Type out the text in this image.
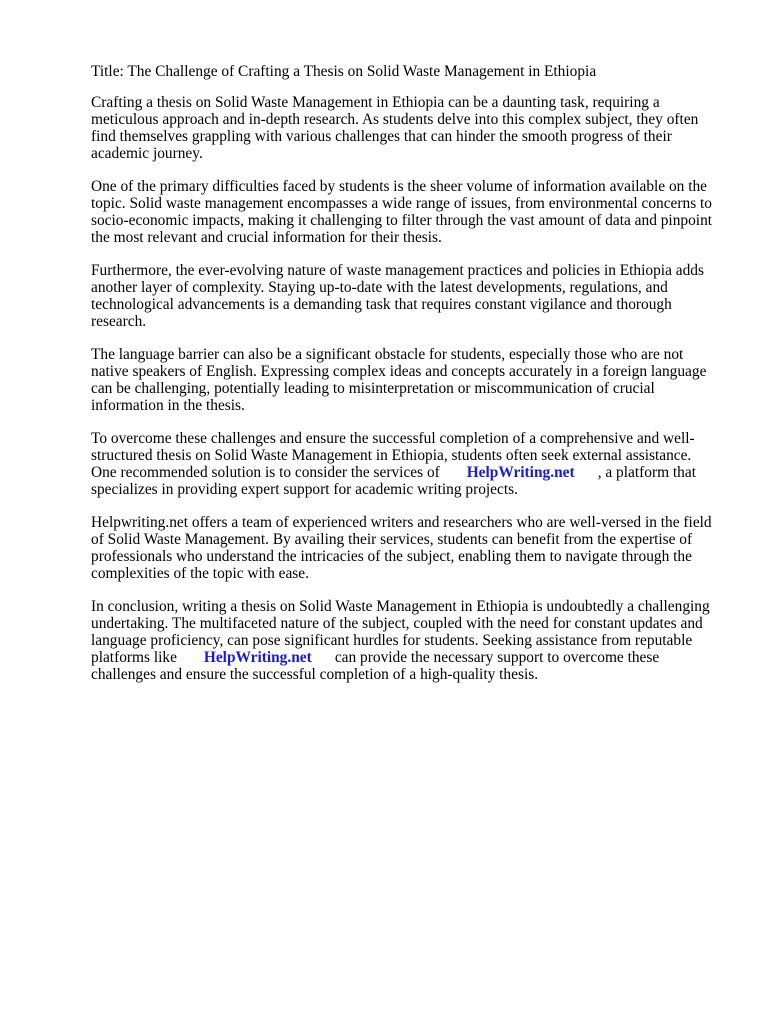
Title: The Challenge of Crafting a Thesis on Solid Waste Management in Ethiopia

Crafting a thesis on Solid Waste Management in Ethiopia can be a daunting task, requiring a
meticulous approach and in-depth research. As students delve into this complex subject, they often
find themselves grappling with various challenges that can hinder the smooth progress of their
academic journey.

One of the primary difficulties faced by students is the sheer volume of information available on the
topic. Solid waste management encompasses a wide range of issues, from environmental concerns to
socio-economic impacts, making it challenging to filter through the vast amount of data and pinpoint
the most relevant and crucial information for their thesis.

Furthermore, the ever-evolving nature of waste management practices and policies in Ethiopia adds
another layer of complexity. Staying up-to-date with the latest developments, regulations, and
technological advancements is a demanding task that requires constant vigilance and thorough
research.

The language barrier can also be a significant obstacle for students, especially those who are not
native speakers of English. Expressing complex ideas and concepts accurately in a foreign language
can be challenging, potentially leading to misinterpretation or miscommunication of crucial
information in the thesis.

To overcome these challenges and ensure the successful completion of a comprehensive and well-
structured thesis on Solid Waste Management in Ethiopia, students often seek external assistance.
One recommended solution is to consider the services of HelpWriting.net , a platform that
specializes in providing expert support for academic writing projects.

Helpwriting.net offers a team of experienced writers and researchers who are well-versed in the field
of Solid Waste Management. By availing their services, students can benefit from the expertise of
professionals who understand the intricacies of the subject, enabling them to navigate through the
complexities of the topic with ease.

In conclusion, writing a thesis on Solid Waste Management in Ethiopia is undoubtedly a challenging
undertaking. The multifaceted nature of the subject, coupled with the need for constant updates and
language proficiency, can pose significant hurdles for students. Seeking assistance from reputable
platforms like HelpWriting.net can provide the necessary support to overcome these
challenges and ensure the successful completion of a high-quality thesis.
